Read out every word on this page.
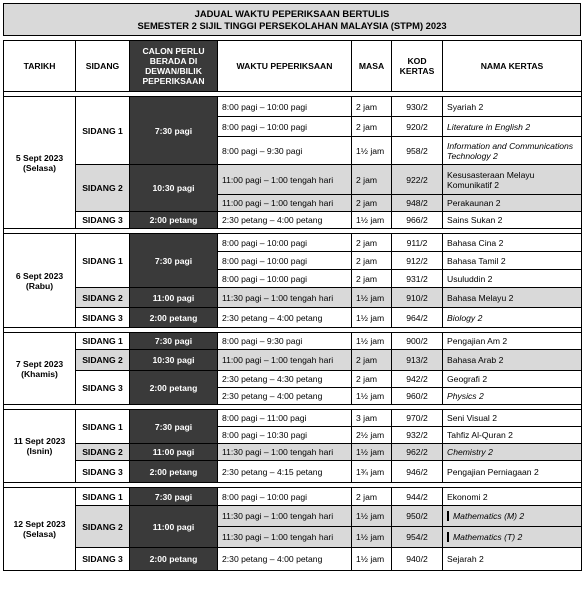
JADUAL WAKTU PEPERIKSAAN BERTULIS
SEMESTER 2 SIJIL TINGGI PERSEKOLAHAN MALAYSIA (STPM) 2023
TARIKH	SIDANG	CALON PERLU BERADA DI DEWAN/BILIK PEPERIKSAAN	WAKTU PEPERIKSAAN	MASA	KOD KERTAS	NAMA KERTAS

5 Sept 2023
(Selasa)	SIDANG 1	7:30 pagi	8:00 pagi – 10:00 pagi	2 jam	930/2	Syariah 2
			8:00 pagi – 10:00 pagi	2 jam	920/2	Literature in English 2
			8:00 pagi – 9:30 pagi	1½ jam	958/2	Information and Communications Technology 2
	SIDANG 2	10:30 pagi	11:00 pagi – 1:00 tengah hari	2 jam	922/2	Kesusasteraan Melayu Komunikatif 2
			11:00 pagi – 1:00 tengah hari	2 jam	948/2	Perakaunan 2
	SIDANG 3	2:00 petang	2:30 petang – 4:00 petang	1½ jam	966/2	Sains Sukan 2

6 Sept 2023
(Rabu)	SIDANG 1	7:30 pagi	8:00 pagi – 10:00 pagi	2 jam	911/2	Bahasa Cina 2
			8:00 pagi – 10:00 pagi	2 jam	912/2	Bahasa Tamil 2
			8:00 pagi – 10:00 pagi	2 jam	931/2	Usuluddin 2
	SIDANG 2	11:00 pagi	11:30 pagi – 1:00 tengah hari	1½ jam	910/2	Bahasa Melayu 2
	SIDANG 3	2:00 petang	2:30 petang – 4:00 petang	1½ jam	964/2	Biology 2

7 Sept 2023
(Khamis)	SIDANG 1	7:30 pagi	8:00 pagi – 9:30 pagi	1½ jam	900/2	Pengajian Am 2
	SIDANG 2	10:30 pagi	11:00 pagi – 1:00 tengah hari	2 jam	913/2	Bahasa Arab 2
	SIDANG 3	2:00 petang	2:30 petang – 4:30 petang	2 jam	942/2	Geografi 2
			2:30 petang – 4:00 petang	1½ jam	960/2	Physics 2

11 Sept 2023
(Isnin)	SIDANG 1	7:30 pagi	8:00 pagi – 11:00 pagi	3 jam	970/2	Seni Visual 2
			8:00 pagi – 10:30 pagi	2½ jam	932/2	Tahfiz Al-Quran 2
	SIDANG 2	11:00 pagi	11:30 pagi – 1:00 tengah hari	1½ jam	962/2	Chemistry 2
	SIDANG 3	2:00 petang	2:30 petang – 4:15 petang	1¾ jam	946/2	Pengajian Perniagaan 2

12 Sept 2023
(Selasa)	SIDANG 1	7:30 pagi	8:00 pagi – 10:00 pagi	2 jam	944/2	Ekonomi 2
	SIDANG 2	11:00 pagi	11:30 pagi – 1:00 tengah hari	1½ jam	950/2	Mathematics (M) 2
			11:30 pagi – 1:00 tengah hari	1½ jam	954/2	Mathematics (T) 2
	SIDANG 3	2:00 petang	2:30 petang – 4:00 petang	1½ jam	940/2	Sejarah 2
